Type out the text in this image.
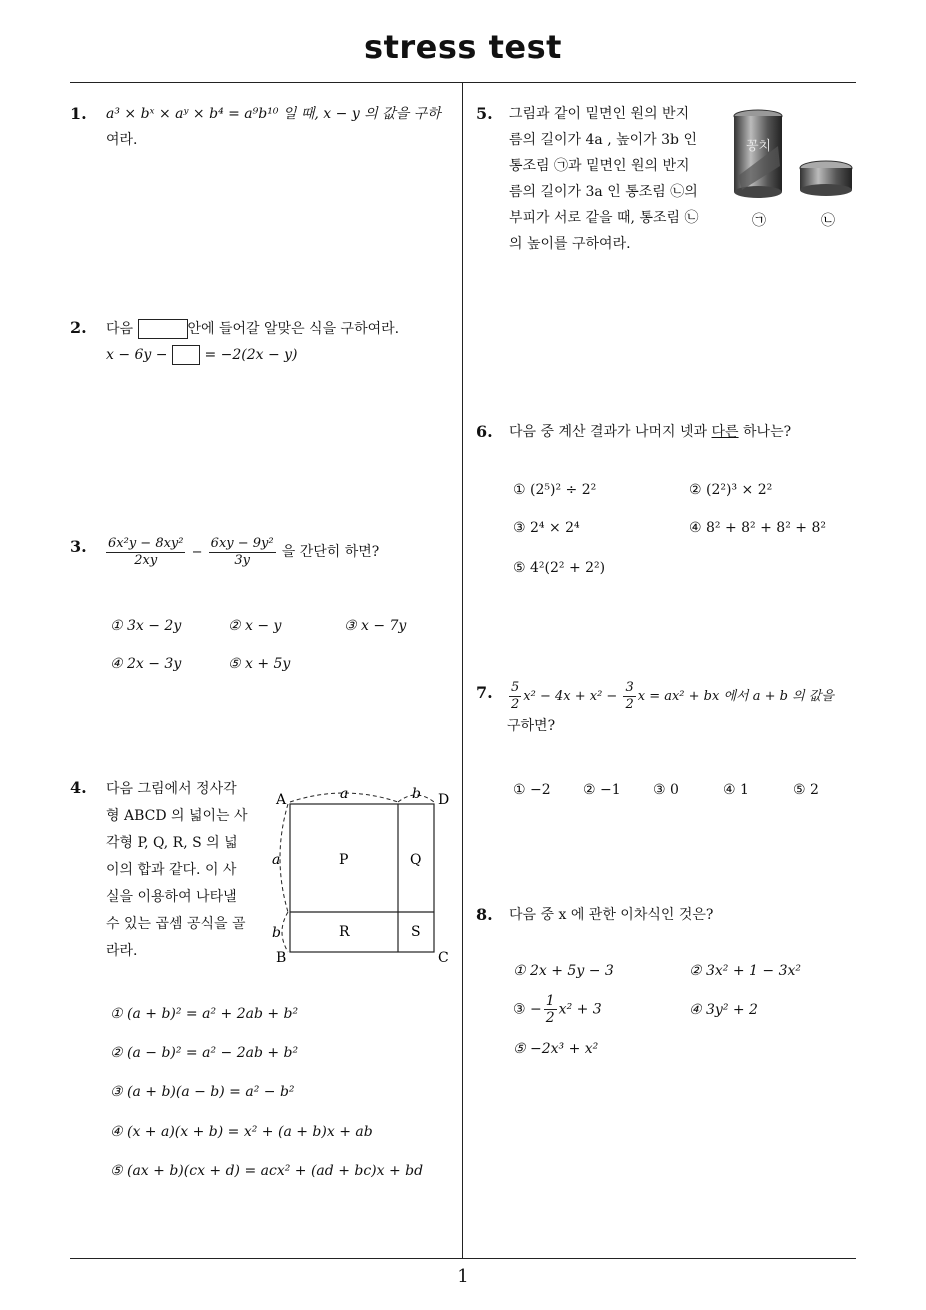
stress test
1
1. a³ × bˣ × aʸ × b⁴ = a⁹b¹⁰ 일 때, x − y 의 값을 구하
여라.
2. 다음	안에 들어갈 알맞은 식을 구하여라.
x − 6y −	= −2(2x − y)
3. $\frac{\text{6x²y − 8xy²}}{2xy} - \frac{\text{6xy − 9y²}}{3y}$ 을 간단히 하면?
① 3x − 2y	② x − y	③ x − 7y
④ 2x − 3y	⑤ x + 5y
4. 다음 그림에서 정사각
형 ABCD 의 넓이는 사
각형 P, Q, R, S 의 넓
이의 합과 같다. 이 사
실을 이용하여 나타낼
수 있는 곱셈 공식을 골
라라.
A
B	C
D
a	b
a
b
P	Q
R	S
① (a + b)² = a² + 2ab + b²
② (a − b)² = a² − 2ab + b²
③ (a + b)(a − b) = a² − b²
④ (x + a)(x + b) = x² + (a + b)x + ab
⑤ (ax + b)(cx + d) = acx² + (ad + bc)x + bd
5. 그림과 같이 밑면인 원의 반지
름의 길이가 4a , 높이가 3b 인
통조림 ㉠과 밑면인 원의 반지
름의 길이가 3a 인 통조림 ㉡의
부피가 서로 같을 때, 통조림 ㉡
의 높이를 구하여라.
꽁치
㉠	㉡
6. 다음 중 계산 결과가 나머지 넷과 다른 하나는?
① (2⁵)² ÷ 2²	② (2²)³ × 2²
③ 2⁴ × 2⁴	④ 8² + 8² + 8² + 8²
⑤ 4²(2² + 2²)
7. $\frac{5}{2} x^2 - 4x + x^2 - \frac{3}{2}$ x = ax² + bx 에서 a + b 의 값을
구하면?
① −2 ② −1 ③ 0	④ 1	⑤ 2
8. 다음 중 x 에 관한 이차식인 것은?
① 2x + 5y − 3	② 3x² + 1 − 3x²
③ − $\frac{1}{2} x^2 + 3$	④ 3y² + 2
⑤ −2x³ + x²
